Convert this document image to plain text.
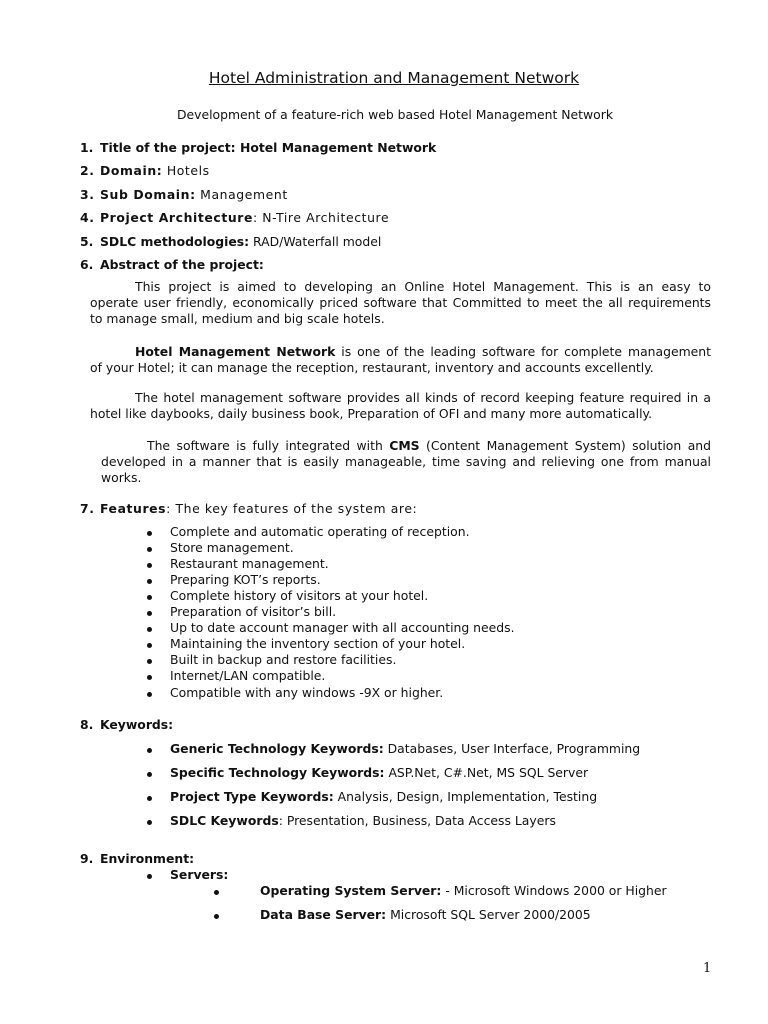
Hotel Administration and Management Network
Development of a feature-rich web based Hotel Management Network
1. Title of the project: Hotel Management Network
2. Domain: Hotels
3. Sub Domain: Management
4. Project Architecture: N-Tire Architecture
5. SDLC methodologies: RAD/Waterfall model
6. Abstract of the project:
This project is aimed to developing an Online Hotel Management. This is an easy to
operate user friendly, economically priced software that Committed to meet the all requirements
to manage small, medium and big scale hotels.
Hotel Management Network is one of the leading software for complete management
of your Hotel; it can manage the reception, restaurant, inventory and accounts excellently.
The hotel management software provides all kinds of record keeping feature required in a
hotel like daybooks, daily business book, Preparation of OFI and many more automatically.
The software is fully integrated with CMS (Content Management System) solution and
developed in a manner that is easily manageable, time saving and relieving one from manual
works.
7. Features: The key features of the system are:
Complete and automatic operating of reception.
Store management.
Restaurant management.
Preparing KOT’s reports.
Complete history of visitors at your hotel.
Preparation of visitor’s bill.
Up to date account manager with all accounting needs.
Maintaining the inventory section of your hotel.
Built in backup and restore facilities.
Internet/LAN compatible.
Compatible with any windows -9X or higher.
8. Keywords:
Generic Technology Keywords: Databases, User Interface, Programming
Specific Technology Keywords: ASP.Net, C#.Net, MS SQL Server
Project Type Keywords: Analysis, Design, Implementation, Testing
SDLC Keywords: Presentation, Business, Data Access Layers
9. Environment:
Servers:
Operating System Server: - Microsoft Windows 2000 or Higher
Data Base Server: Microsoft SQL Server 2000/2005
1
